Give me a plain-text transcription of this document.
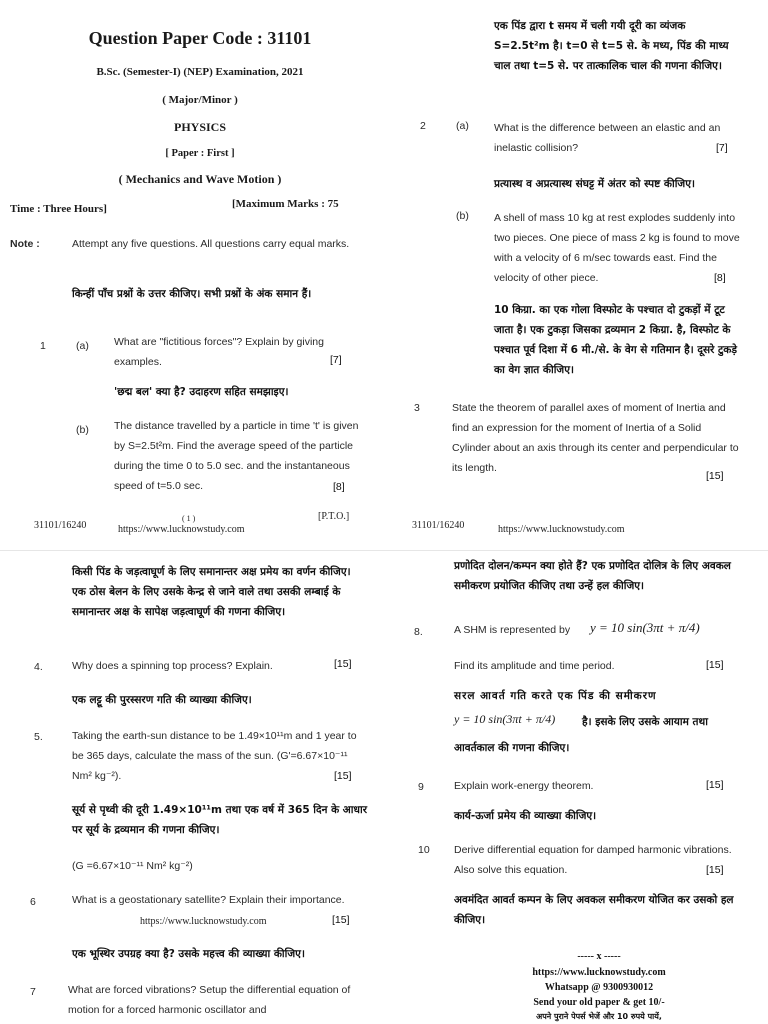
Question Paper Code : 31101
B.Sc. (Semester-I) (NEP) Examination, 2021
( Major/Minor )
PHYSICS
[ Paper : First ]
( Mechanics and Wave Motion )
Time : Three Hours]	[Maximum Marks : 75
Note :	Attempt any five questions. All questions carry equal marks.
किन्हीं पाँच प्रश्नों के उत्तर कीजिए। सभी प्रश्नों के अंक समान हैं।
1	(a) What are "fictitious forces"? Explain by giving examples.	[7]
'छद्म बल' क्या है? उदाहरण सहित समझाइए।
(b) The distance travelled by a particle in time 't' is given by S=2.5t²m. Find the average speed of the particle during the time 0 to 5.0 sec. and the instantaneous speed of t=5.0 sec.	[8]
31101/16240
( 1 )
https://www.lucknowstudy.com
[P.T.O.]
एक पिंड द्वारा t समय में चली गयी दूरी का व्यंजक S=2.5t²m है। t=0 से t=5 से. के मध्य, पिंड की माध्य चाल तथा t=5 से. पर तात्कालिक चाल की गणना कीजिए।
2	(a) What is the difference between an elastic and an inelastic collision?	[7]
प्रत्यास्थ व अप्रत्यास्थ संघट्ट में अंतर को स्पष्ट कीजिए।
(b) A shell of mass 10 kg at rest explodes suddenly into two pieces. One piece of mass 2 kg is found to move with a velocity of 6 m/sec towards east. Find the velocity of other piece.	[8]
10 किग्रा. का एक गोला विस्फोट के पश्चात दो टुकड़ों में टूट जाता है। एक टुकड़ा जिसका द्रव्यमान 2 किग्रा. है, विस्फोट के पश्चात पूर्व दिशा में 6 मी./से. के वेग से गतिमान है। दूसरे टुकड़े का वेग ज्ञात कीजिए।
3	State the theorem of parallel axes of moment of Inertia and find an expression for the moment of Inertia of a Solid Cylinder about an axis through its center and perpendicular to its length.
[15]
31101/16240	https://www.lucknowstudy.com
किसी पिंड के जड़त्वाघूर्ण के लिए समानान्तर अक्ष प्रमेय का वर्णन कीजिए। एक ठोस बेलन के लिए उसके केन्द्र से जाने वाले तथा उसकी लम्बाई के समानान्तर अक्ष के सापेक्ष जड़त्वाघूर्ण की गणना कीजिए।
4.	Why does a spinning top process? Explain.	[15]
एक लट्टू की पुरस्सरण गति की व्याख्या कीजिए।
5.	Taking the earth-sun distance to be 1.49×10¹¹m and 1 year to be 365 days, calculate the mass of the sun. (G'=6.67×10⁻¹¹ Nm² kg⁻²).	[15]
सूर्य से पृथ्वी की दूरी 1.49×10¹¹m तथा एक वर्ष में 365 दिन के आधार पर सूर्य के द्रव्यमान की गणना कीजिए।
(G =6.67×10⁻¹¹ Nm² kg⁻²)
6	What is a geostationary satellite? Explain their importance.
https://www.lucknowstudy.com	[15]
एक भूस्थिर उपग्रह क्या है? उसके महत्त्व की व्याख्या कीजिए।
7	What are forced vibrations? Setup the differential equation of motion for a forced harmonic oscillator and
प्रणोदित दोलन/कम्पन क्या होते हैं? एक प्रणोदित दोलित्र के लिए अवकल समीकरण प्रयोजित कीजिए तथा उन्हें हल कीजिए।
8.	A SHM is represented by y = 10 sin(3πt + π/4)
Find its amplitude and time period.	[15]
सरल आवर्त गति करते एक पिंड की समीकरण
y = 10 sin(3πt + π/4)	है। इसके लिए उसके आयाम तथा
आवर्तकाल की गणना कीजिए।
9	Explain work-energy theorem.	[15]
कार्य-ऊर्जा प्रमेय की व्याख्या कीजिए।
10 Derive differential equation for damped harmonic vibrations. Also solve this equation.	[15]
अवमंदित आवर्त कम्पन के लिए अवकल समीकरण योजित कर उसको हल कीजिए।
----- x -----
https://www.lucknowstudy.com
Whatsapp @ 9300930012
Send your old paper & get 10/-
अपने पुराने पेपर्स भेजें और 10 रुपये पायें,
